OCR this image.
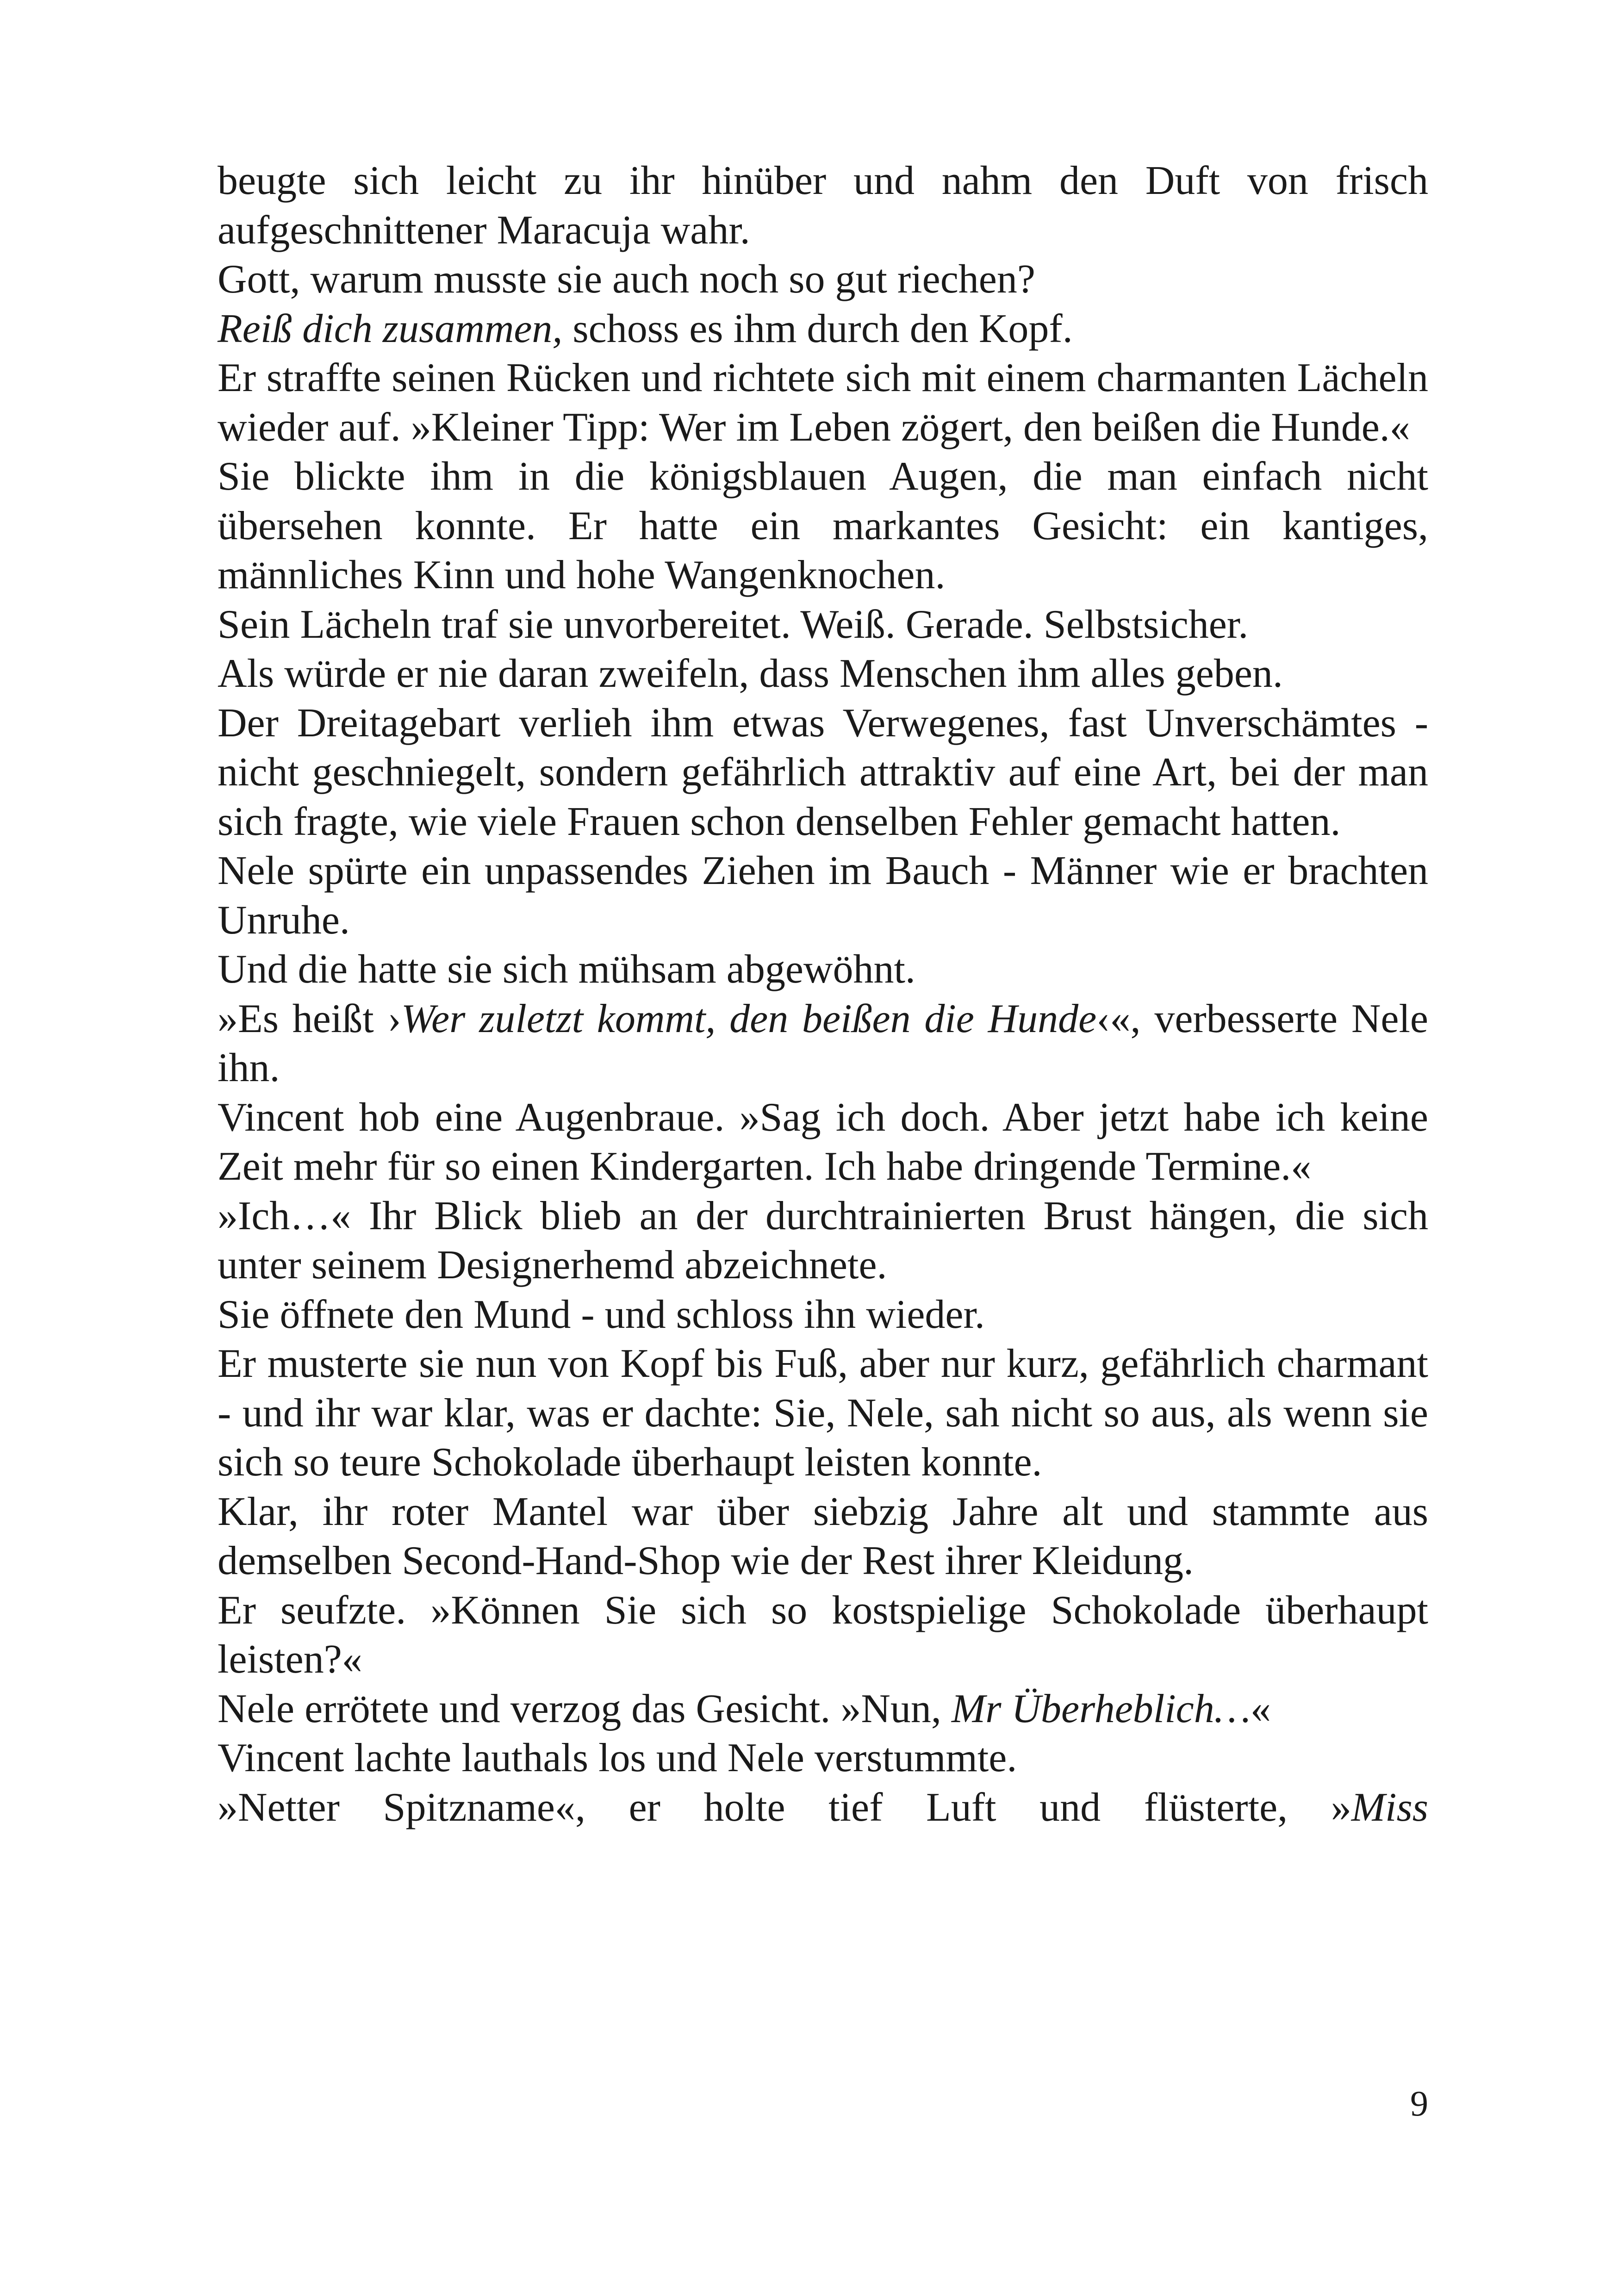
beugte sich leicht zu ihr hinüber und nahm den Duft von frisch aufgeschnittener Maracuja wahr.

Gott, warum musste sie auch noch so gut riechen?

Reiß dich zusammen, schoss es ihm durch den Kopf.

Er straffte seinen Rücken und richtete sich mit einem charmanten Lächeln wieder auf. »Kleiner Tipp: Wer im Leben zögert, den beißen die Hunde.«

Sie blickte ihm in die königsblauen Augen, die man einfach nicht übersehen konnte. Er hatte ein markantes Gesicht: ein kantiges, männliches Kinn und hohe Wangenknochen.

Sein Lächeln traf sie unvorbereitet. Weiß. Gerade. Selbstsicher.

Als würde er nie daran zweifeln, dass Menschen ihm alles geben.

Der Dreitagebart verlieh ihm etwas Verwegenes, fast Unverschämtes - nicht geschniegelt, sondern gefährlich attraktiv auf eine Art, bei der man sich fragte, wie viele Frauen schon denselben Fehler gemacht hatten.

Nele spürte ein unpassendes Ziehen im Bauch - Männer wie er brachten Unruhe.

Und die hatte sie sich mühsam abgewöhnt.

»Es heißt ›Wer zuletzt kommt, den beißen die Hunde‹«, verbesserte Nele ihn.

Vincent hob eine Augenbraue. »Sag ich doch. Aber jetzt habe ich keine Zeit mehr für so einen Kindergarten. Ich habe dringende Termine.«

»Ich…« Ihr Blick blieb an der durchtrainierten Brust hängen, die sich unter seinem Designerhemd abzeichnete.

Sie öffnete den Mund - und schloss ihn wieder.

Er musterte sie nun von Kopf bis Fuß, aber nur kurz, gefährlich charmant - und ihr war klar, was er dachte: Sie, Nele, sah nicht so aus, als wenn sie sich so teure Schokolade überhaupt leisten konnte.

Klar, ihr roter Mantel war über siebzig Jahre alt und stammte aus demselben Second-Hand-Shop wie der Rest ihrer Kleidung.

Er seufzte. »Können Sie sich so kostspielige Schokolade überhaupt leisten?«

Nele errötete und verzog das Gesicht. »Nun, Mr Überheblich…«

Vincent lachte lauthals los und Nele verstummte.

»Netter Spitzname«, er holte tief Luft und flüsterte, »Miss

9
